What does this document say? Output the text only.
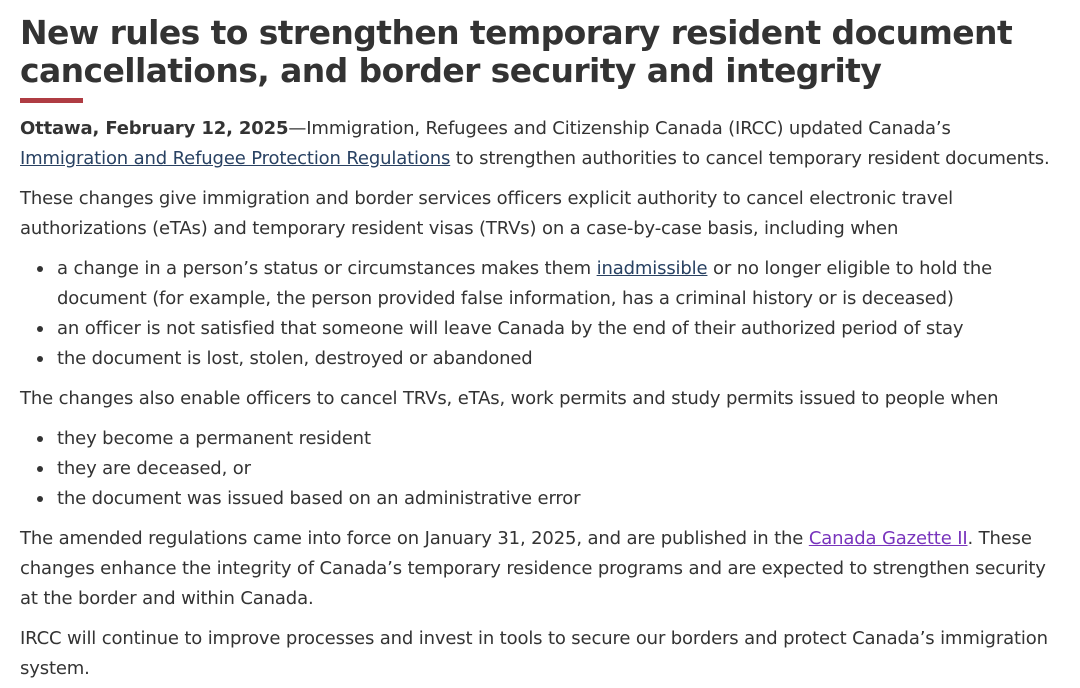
New rules to strengthen temporary resident document cancellations, and border security and integrity

Ottawa, February 12, 2025—Immigration, Refugees and Citizenship Canada (IRCC) updated Canada’s Immigration and Refugee Protection Regulations to strengthen authorities to cancel temporary resident documents.

These changes give immigration and border services officers explicit authority to cancel electronic travel authorizations (eTAs) and temporary resident visas (TRVs) on a case-by-case basis, including when

a change in a person’s status or circumstances makes them inadmissible or no longer eligible to hold the document (for example, the person provided false information, has a criminal history or is deceased)
an officer is not satisfied that someone will leave Canada by the end of their authorized period of stay
the document is lost, stolen, destroyed or abandoned

The changes also enable officers to cancel TRVs, eTAs, work permits and study permits issued to people when

they become a permanent resident
they are deceased, or
the document was issued based on an administrative error

The amended regulations came into force on January 31, 2025, and are published in the Canada Gazette II. These changes enhance the integrity of Canada’s temporary residence programs and are expected to strengthen security at the border and within Canada.

IRCC will continue to improve processes and invest in tools to secure our borders and protect Canada’s immigration system.
